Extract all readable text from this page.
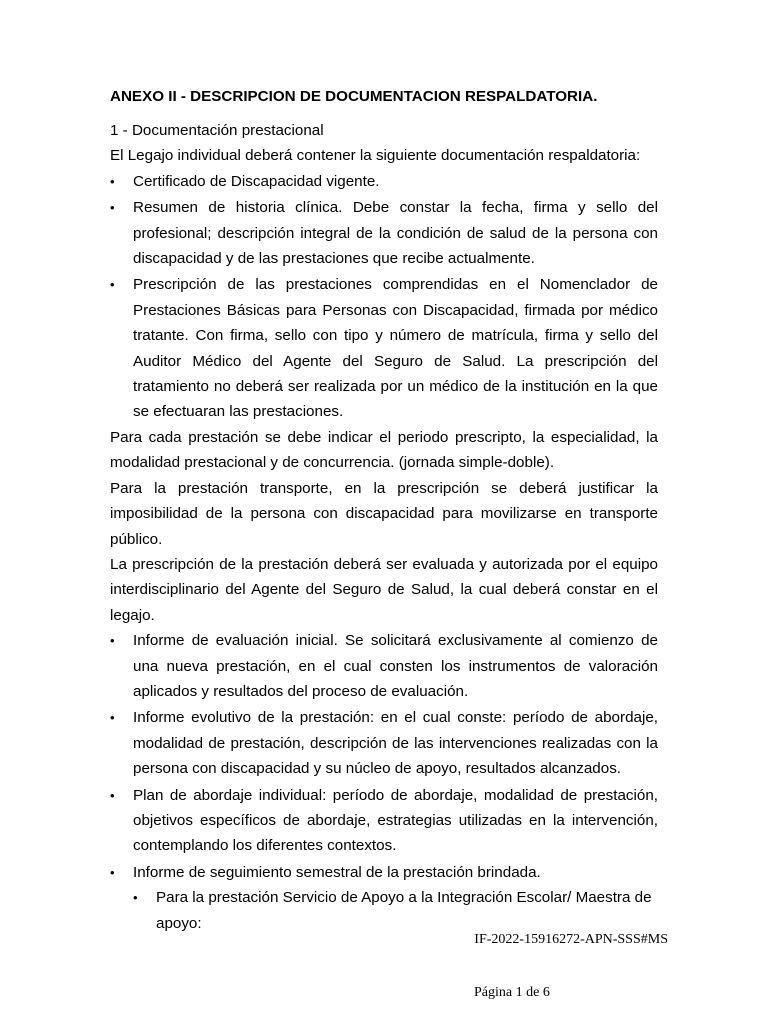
ANEXO II - DESCRIPCION DE DOCUMENTACION RESPALDATORIA.

1 - Documentación prestacional

El Legajo individual deberá contener la siguiente documentación respaldatoria:

•	Certificado de Discapacidad vigente.
•	Resumen de historia clínica. Debe constar la fecha, firma y sello del profesional; descripción integral de la condición de salud de la persona con discapacidad y de las prestaciones que recibe actualmente.
•	Prescripción de las prestaciones comprendidas en el Nomenclador de Prestaciones Básicas para Personas con Discapacidad, firmada por médico tratante. Con firma, sello con tipo y número de matrícula, firma y sello del Auditor Médico del Agente del Seguro de Salud. La prescripción del tratamiento no deberá ser realizada por un médico de la institución en la que se efectuaran las prestaciones.

Para cada prestación se debe indicar el periodo prescripto, la especialidad, la modalidad prestacional y de concurrencia. (jornada simple-doble).

Para la prestación transporte, en la prescripción se deberá justificar la imposibilidad de la persona con discapacidad para movilizarse en transporte público.

La prescripción de la prestación deberá ser evaluada y autorizada por el equipo interdisciplinario del Agente del Seguro de Salud, la cual deberá constar en el legajo.

•	Informe de evaluación inicial. Se solicitará exclusivamente al comienzo de una nueva prestación, en el cual consten los instrumentos de valoración aplicados y resultados del proceso de evaluación.
•	Informe evolutivo de la prestación: en el cual conste: período de abordaje, modalidad de prestación, descripción de las intervenciones realizadas con la persona con discapacidad y su núcleo de apoyo, resultados alcanzados.
•	Plan de abordaje individual: período de abordaje, modalidad de prestación, objetivos específicos de abordaje, estrategias utilizadas en la intervención, contemplando los diferentes contextos.
•	Informe de seguimiento semestral de la prestación brindada.
•	Para la prestación Servicio de Apoyo a la Integración Escolar/ Maestra de apoyo:
IF-2022-15916272-APN-SSS#MS
Página 1 de 6
